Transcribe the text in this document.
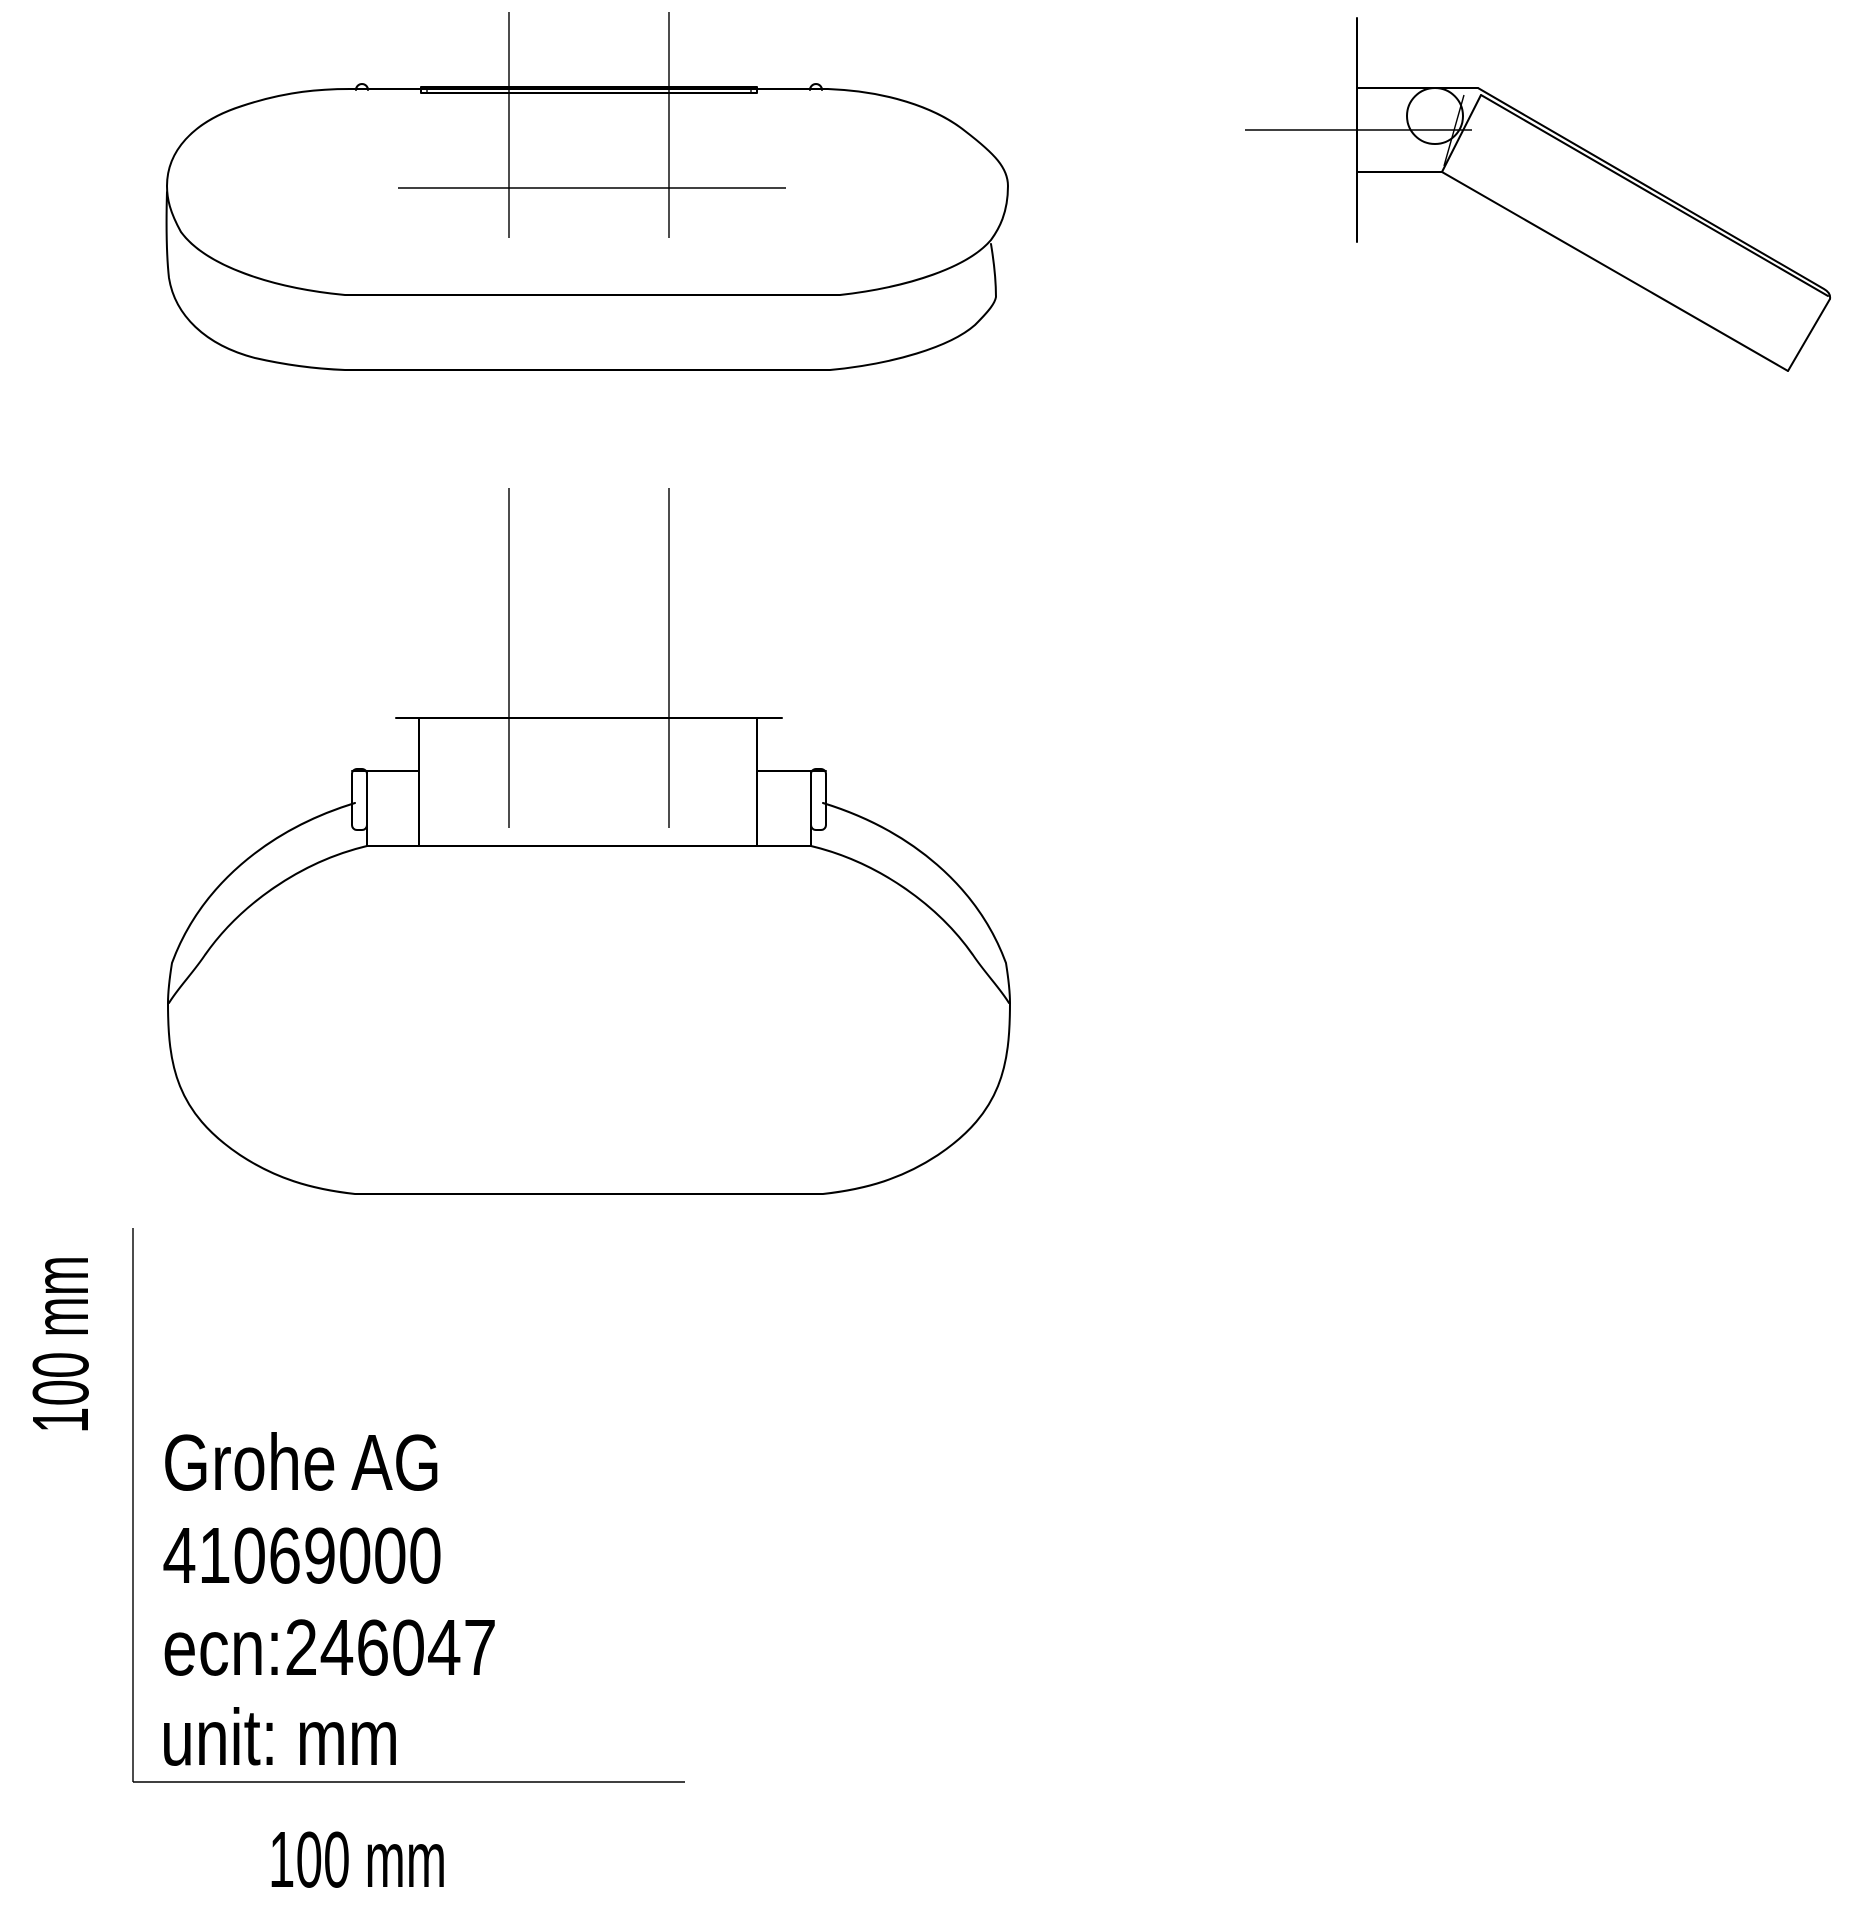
Grohe AG
41069000
ecn:246047
unit: mm
100 mm
100 mm
